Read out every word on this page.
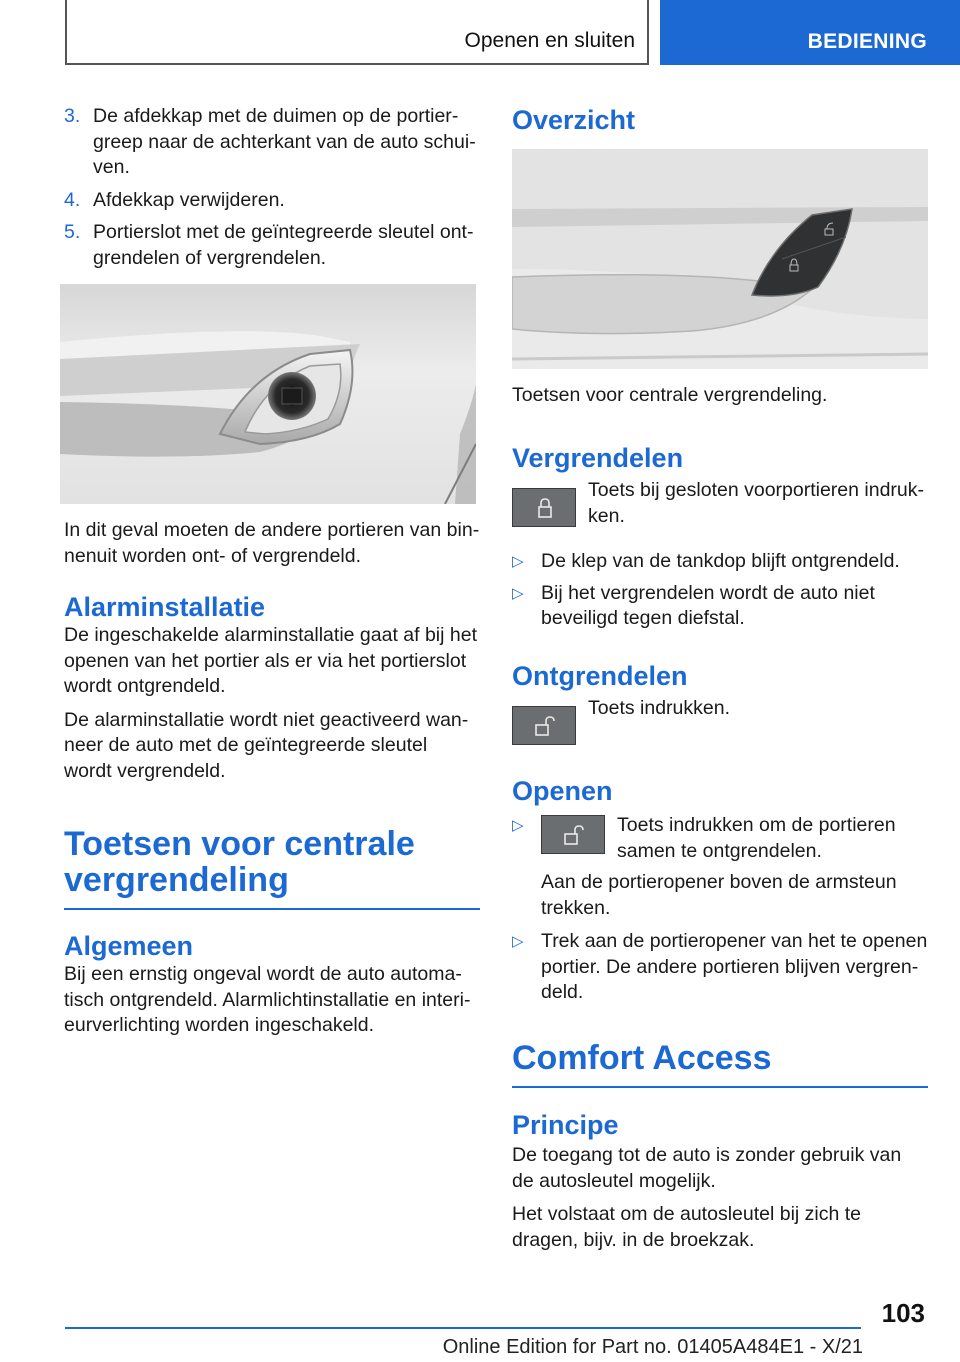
Openen en sluiten	BEDIENING
3. De afdekkap met de duimen op de portiergreep naar de achterkant van de auto schuiven.
4. Afdekkap verwijderen.
5. Portierslot met de geïntegreerde sleutel ontgrendelen of vergrendelen.

In dit geval moeten de andere portieren van binnenuit worden ont- of vergrendeld.

Alarminstallatie

De ingeschakelde alarminstallatie gaat af bij het openen van het portier als er via het portierslot wordt ontgrendeld.

De alarminstallatie wordt niet geactiveerd wanneer de auto met de geïntegreerde sleutel wordt vergrendeld.

Toetsen voor centrale vergrendeling
Algemeen

Bij een ernstig ongeval wordt de auto automatisch ontgrendeld. Alarmlichtinstallatie en interieurverlichting worden ingeschakeld.

Overzicht

Toetsen voor centrale vergrendeling.

Vergrendelen
Toets bij gesloten voorportieren indrukken.
▷ De klep van de tankdop blijft ontgrendeld.
▷ Bij het vergrendelen wordt de auto niet beveiligd tegen diefstal.
Ontgrendelen
Toets indrukken.
Openen
▷	Toets indrukken om de portieren samen te ontgrendelen.

Aan de portieropener boven de armsteun trekken.

▷ Trek aan de portieropener van het te openen portier. De andere portieren blijven vergrendeld.
Comfort Access
Principe

De toegang tot de auto is zonder gebruik van de autosleutel mogelijk.

Het volstaat om de autosleutel bij zich te dragen, bijv. in de broekzak.

103
Online Edition for Part no. 01405A484E1 - X/21
